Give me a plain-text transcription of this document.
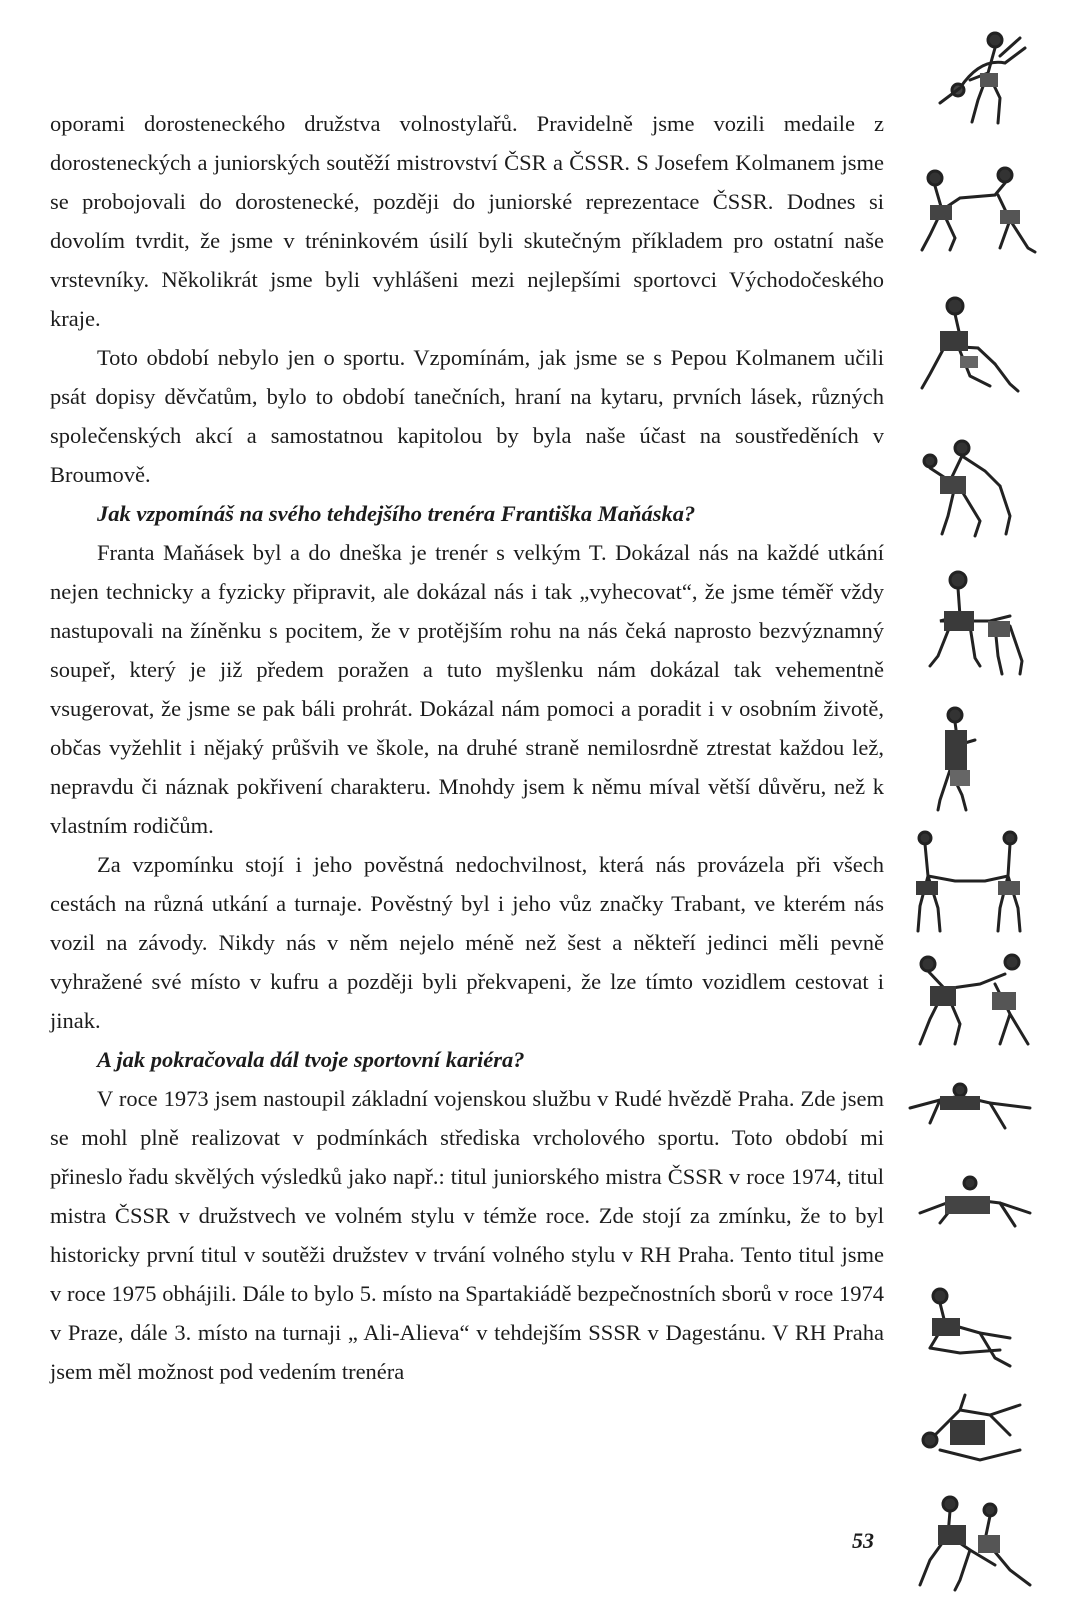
oporami dorosteneckého družstva volnostylařů. Pravidelně jsme vozili medaile z dorosteneckých a juniorských soutěží mistrovství ČSR a ČSSR. S Josefem Kolmanem jsme se probojovali do dorostenecké, později do juniorské reprezentace ČSSR. Dodnes si dovolím tvrdit, že jsme v tréninkovém úsilí byli skutečným příkladem pro ostatní naše vrstevníky. Několikrát jsme byli vyhlášeni mezi nejlepšími sportovci Východočeského kraje.

Toto období nebylo jen o sportu. Vzpomínám, jak jsme se s Pepou Kolmanem učili psát dopisy děvčatům, bylo to období tanečních, hraní na kytaru, prvních lásek, různých společenských akcí a samostatnou kapitolou by byla naše účast na soustředěních v Broumově.

Jak vzpomínáš na svého tehdejšího trenéra Františka Maňáska?

Franta Maňásek byl a do dneška je trenér s velkým T. Dokázal nás na každé utkání nejen technicky a fyzicky připravit, ale dokázal nás i tak „vyhecovat“, že jsme téměř vždy nastupovali na žíněnku s pocitem, že v protějším rohu na nás čeká naprosto bezvýznamný soupeř, který je již předem poražen a tuto myšlenku nám dokázal tak vehementně vsugerovat, že jsme se pak báli prohrát. Dokázal nám pomoci a poradit i v osobním životě, občas vyžehlit i nějaký průšvih ve škole, na druhé straně nemilosrdně ztrestat každou lež, nepravdu či náznak pokřivení charakteru. Mnohdy jsem k němu míval větší důvěru, než k vlastním rodičům.

Za vzpomínku stojí i jeho pověstná nedochvilnost, která nás provázela při všech cestách na různá utkání a turnaje. Pověstný byl i jeho vůz značky Trabant, ve kterém nás vozil na závody. Nikdy nás v něm nejelo méně než šest a někteří jedinci měli pevně vyhražené své místo v kufru a později byli překvapeni, že lze tímto vozidlem cestovat i jinak.

A jak pokračovala dál tvoje sportovní kariéra?

V roce 1973 jsem nastoupil základní vojenskou službu v Rudé hvězdě Praha. Zde jsem se mohl plně realizovat v podmínkách střediska vrcholového sportu. Toto období mi přineslo řadu skvělých výsledků jako např.: titul juniorského mistra ČSSR v roce 1974, titul mistra ČSSR v družstvech ve volném stylu v témže roce. Zde stojí za zmínku, že to byl historicky první titul v soutěži družstev v trvání volného stylu v RH Praha. Tento titul jsme v roce 1975 obhájili. Dále to bylo 5. místo na Spartakiádě bezpečnostních sborů v roce 1974 v Praze, dále 3. místo na turnaji „ Ali-Alieva“ v tehdejším SSSR v Dagestánu. V RH Praha jsem měl možnost pod vedením trenéra

53
